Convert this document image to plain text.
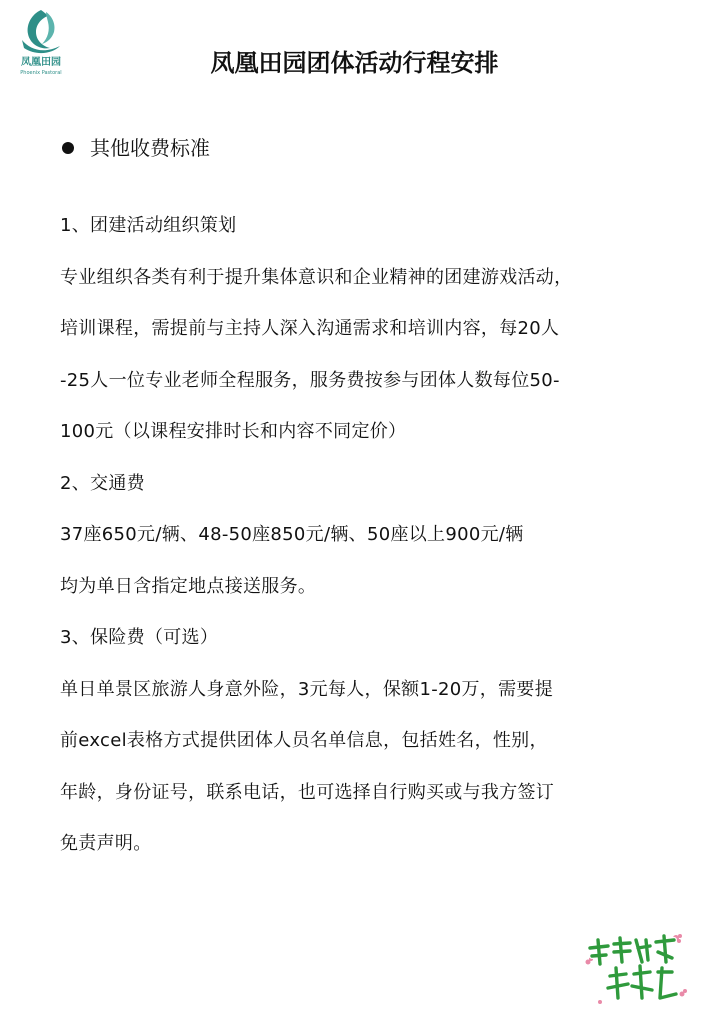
凤凰田园
Phoenix Pastoral	凤凰田园团体活动行程安排
其他收费标准
1、团建活动组织策划
专业组织各类有利于提升集体意识和企业精神的团建游戏活动，
培训课程，需提前与主持人深入沟通需求和培训内容，每20人
-25人一位专业老师全程服务，服务费按参与团体人数每位50-
100元（以课程安排时长和内容不同定价）
2、交通费
37座650元/辆、48-50座850元/辆、50座以上900元/辆
均为单日含指定地点接送服务。
3、保险费（可选）
单日单景区旅游人身意外险，3元每人，保额1-20万，需要提
前excel表格方式提供团体人员名单信息，包括姓名，性别，
年龄，身份证号，联系电话，也可选择自行购买或与我方签订
免责声明。
